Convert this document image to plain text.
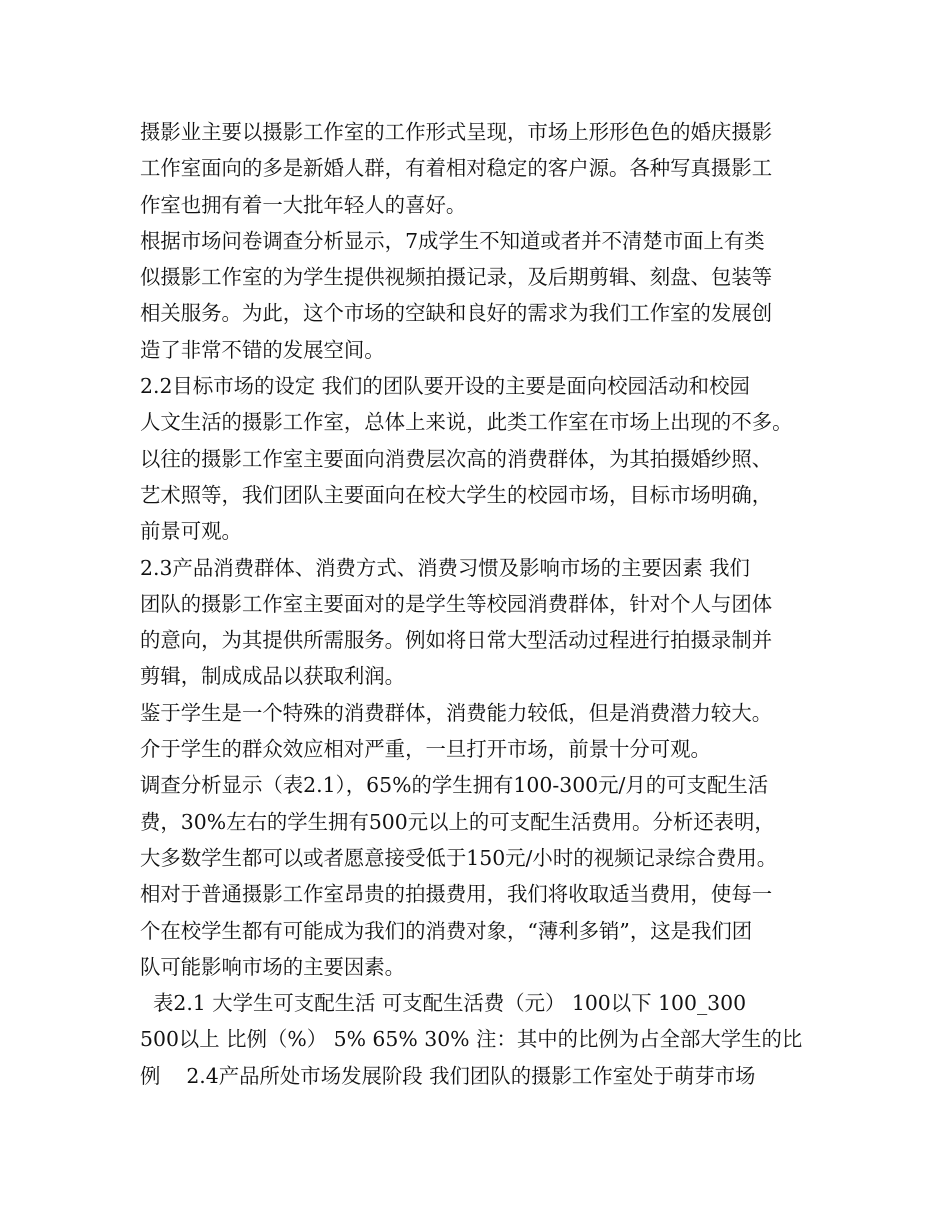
摄影业主要以摄影工作室的工作形式呈现，市场上形形色色的婚庆摄影
工作室面向的多是新婚人群，有着相对稳定的客户源。各种写真摄影工
作室也拥有着一大批年轻人的喜好。
根据市场问卷调查分析显示，7成学生不知道或者并不清楚市面上有类
似摄影工作室的为学生提供视频拍摄记录，及后期剪辑、刻盘、包装等
相关服务。为此，这个市场的空缺和良好的需求为我们工作室的发展创
造了非常不错的发展空间。
2.2目标市场的设定 我们的团队要开设的主要是面向校园活动和校园
人文生活的摄影工作室，总体上来说，此类工作室在市场上出现的不多。
以往的摄影工作室主要面向消费层次高的消费群体，为其拍摄婚纱照、
艺术照等，我们团队主要面向在校大学生的校园市场，目标市场明确，
前景可观。
2.3产品消费群体、消费方式、消费习惯及影响市场的主要因素 我们
团队的摄影工作室主要面对的是学生等校园消费群体，针对个人与团体
的意向，为其提供所需服务。例如将日常大型活动过程进行拍摄录制并
剪辑，制成成品以获取利润。
鉴于学生是一个特殊的消费群体，消费能力较低，但是消费潜力较大。
介于学生的群众效应相对严重，一旦打开市场，前景十分可观。
调查分析显示（表2.1），65%的学生拥有100-300元/月的可支配生活
费，30%左右的学生拥有500元以上的可支配生活费用。分析还表明，
大多数学生都可以或者愿意接受低于150元/小时的视频记录综合费用。
相对于普通摄影工作室昂贵的拍摄费用，我们将收取适当费用，使每一
个在校学生都有可能成为我们的消费对象，“薄利多销”，这是我们团
队可能影响市场的主要因素。
表2.1 大学生可支配生活 可支配生活费（元） 100以下 100_300
500以上 比例（%） 5% 65% 30% 注：其中的比例为占全部大学生的比
例    2.4产品所处市场发展阶段 我们团队的摄影工作室处于萌芽市场
